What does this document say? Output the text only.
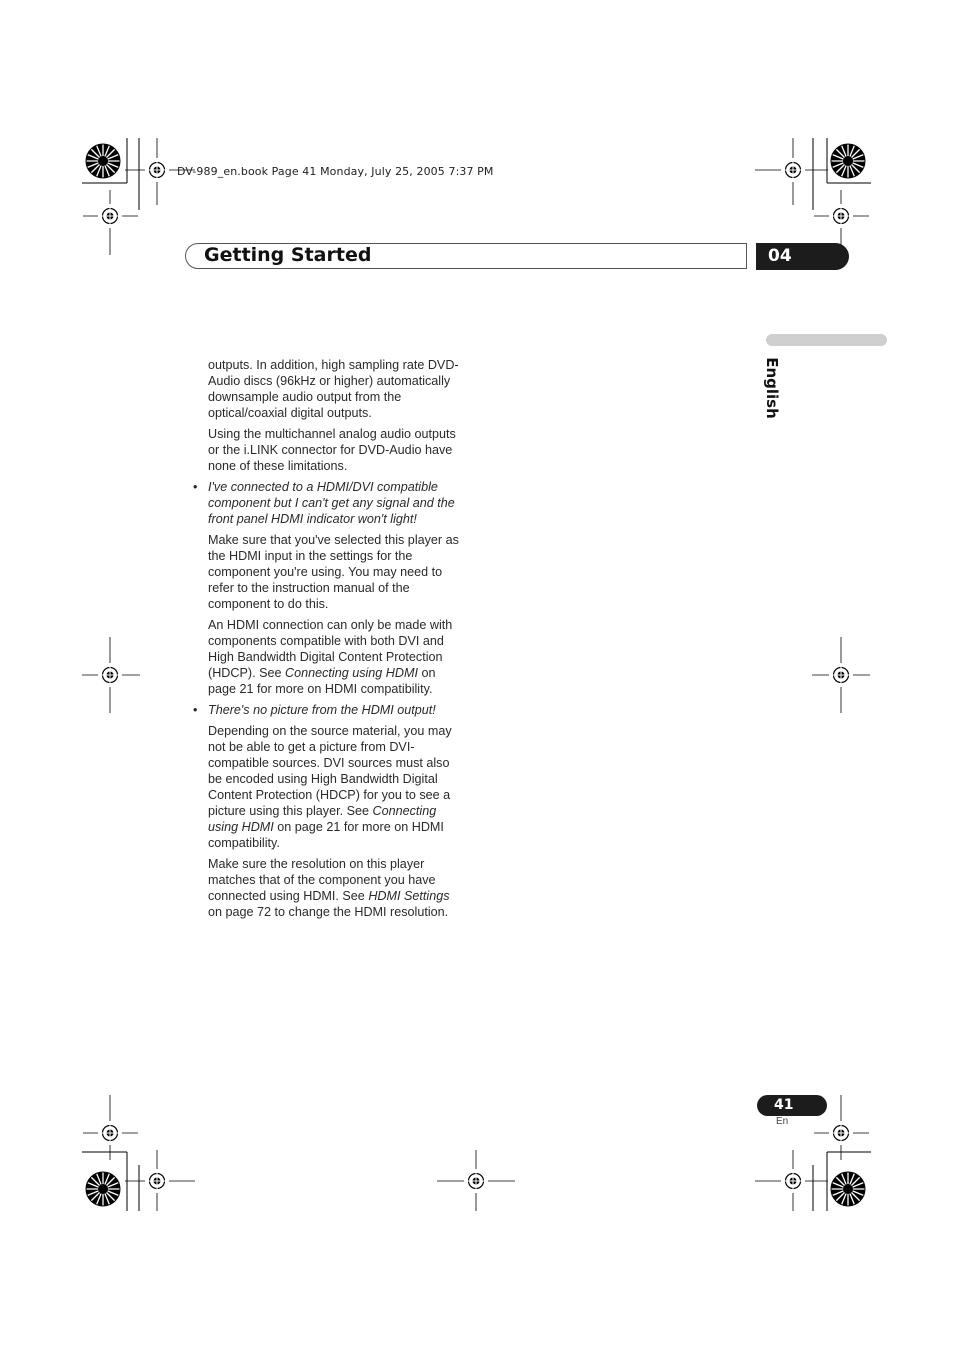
DV-989_en.book Page 41 Monday, July 25, 2005 7:37 PM
Getting Started	04
English

outputs. In addition, high sampling rate DVD-Audio discs (96kHz or higher) automatically downsample audio output from the optical/coaxial digital outputs.

Using the multichannel analog audio outputs or the i.LINK connector for DVD-Audio have none of these limitations.

• I've connected to a HDMI/DVI compatible component but I can't get any signal and the front panel HDMI indicator won't light!

Make sure that you've selected this player as the HDMI input in the settings for the component you're using. You may need to refer to the instruction manual of the component to do this.

An HDMI connection can only be made with components compatible with both DVI and High Bandwidth Digital Content Protection (HDCP). See Connecting using HDMI on page 21 for more on HDMI compatibility.

• There's no picture from the HDMI output!

Depending on the source material, you may not be able to get a picture from DVI-compatible sources. DVI sources must also be encoded using High Bandwidth Digital Content Protection (HDCP) for you to see a picture using this player. See Connecting using HDMI on page 21 for more on HDMI compatibility.

Make sure the resolution on this player matches that of the component you have connected using HDMI. See HDMI Settings on page 72 to change the HDMI resolution.

41
En
